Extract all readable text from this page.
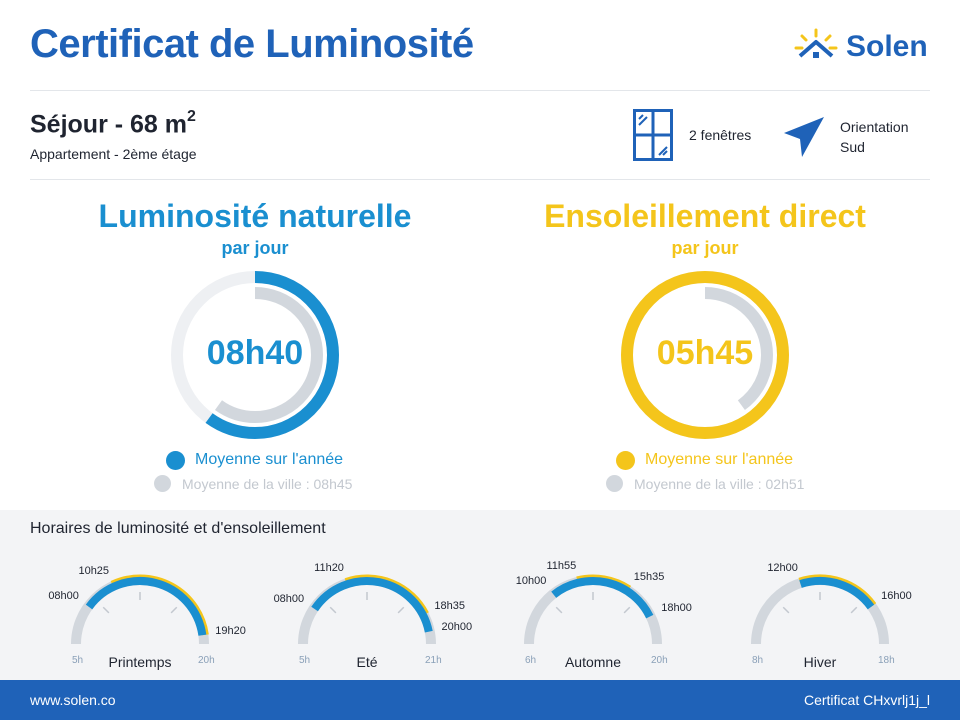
Certificat de Luminosité	Solen
Séjour - 68 $m^2$
Appartement - 2ème étage
2 fenêtres	Orientation
Sud
Luminosité naturelle
par jour
08h40
Moyenne sur l'année
Moyenne de la ville : 08h45
Ensoleillement direct
par jour
05h45
Moyenne sur l'année
Moyenne de la ville : 02h51
Horaires de luminosité et d'ensoleillement
5h	20h
Printemps
08h00
10h25
19h20
5h	21h
Eté
08h00
11h20
18h35
20h00
6h	20h
Automne
10h00
11h55
15h35
18h00
8h	18h
Hiver
12h00
16h00
www.solen.co	Certificat CHxvrlj1j_l
